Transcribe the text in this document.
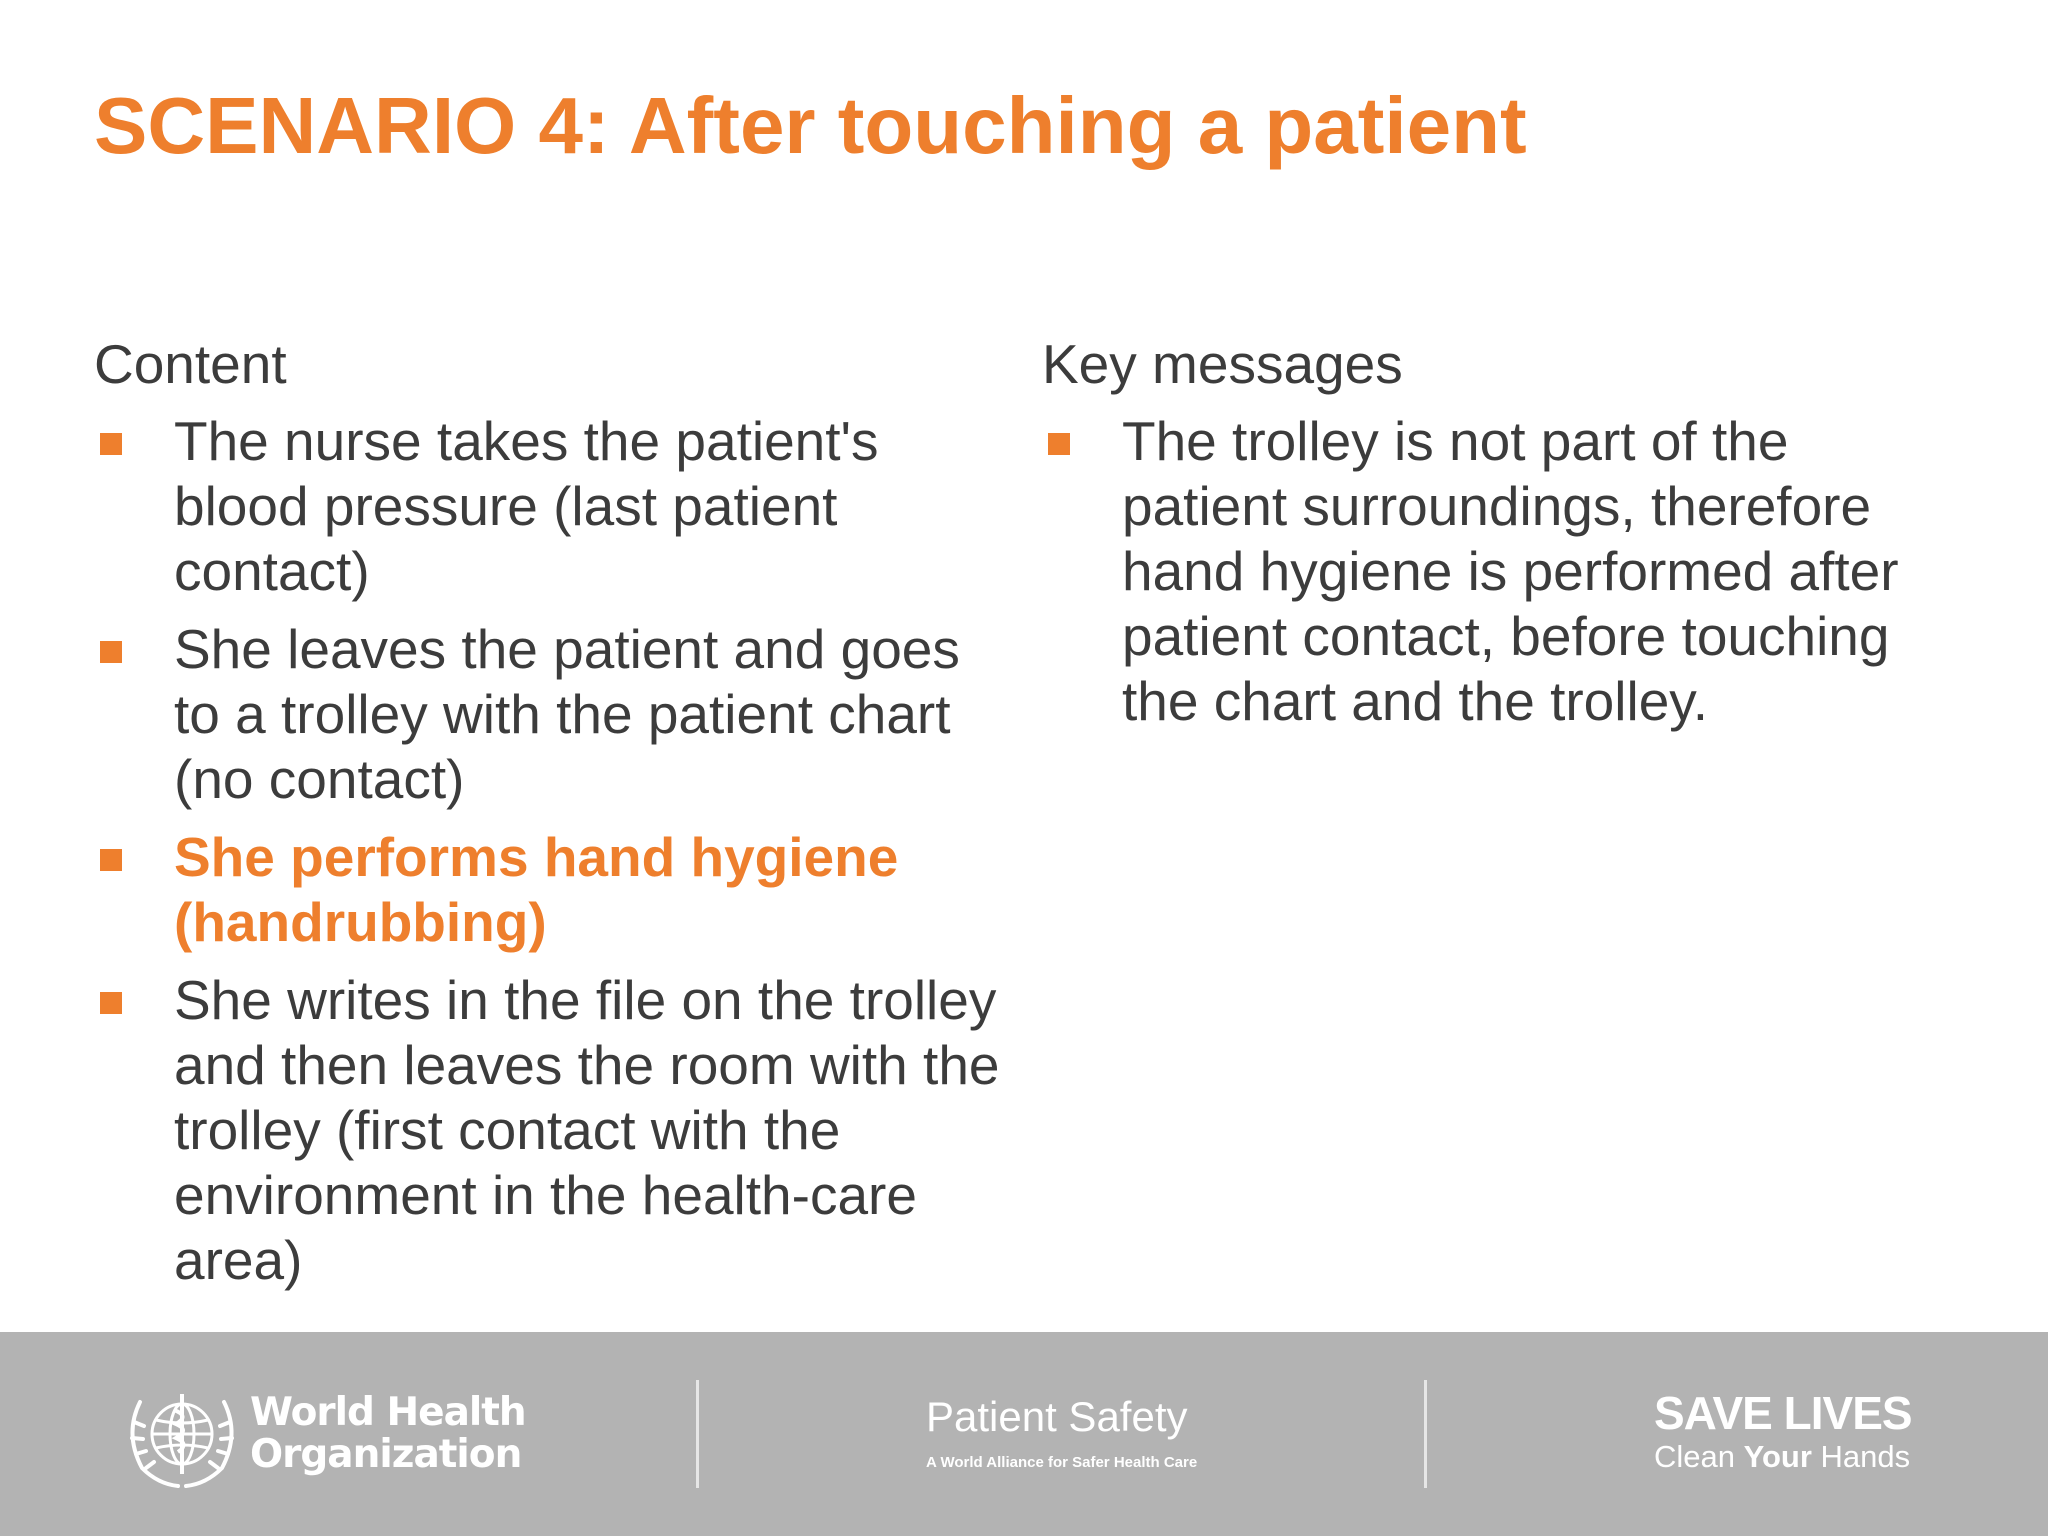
SCENARIO 4: After touching a patient
Content
The nurse takes the patient's blood pressure (last patient contact)
She leaves the patient and goes to a trolley with the patient chart (no contact)
She performs hand hygiene (handrubbing)
She writes in the file on the trolley and then leaves the room with the trolley (first contact with the environment in the health-care area)
Key messages
The trolley is not part of the patient surroundings, therefore hand hygiene is performed after patient contact, before touching the chart and the trolley.
World Health
Organization
Patient Safety
A World Alliance for Safer Health Care
SAVE LIVES
Clean Your Hands
